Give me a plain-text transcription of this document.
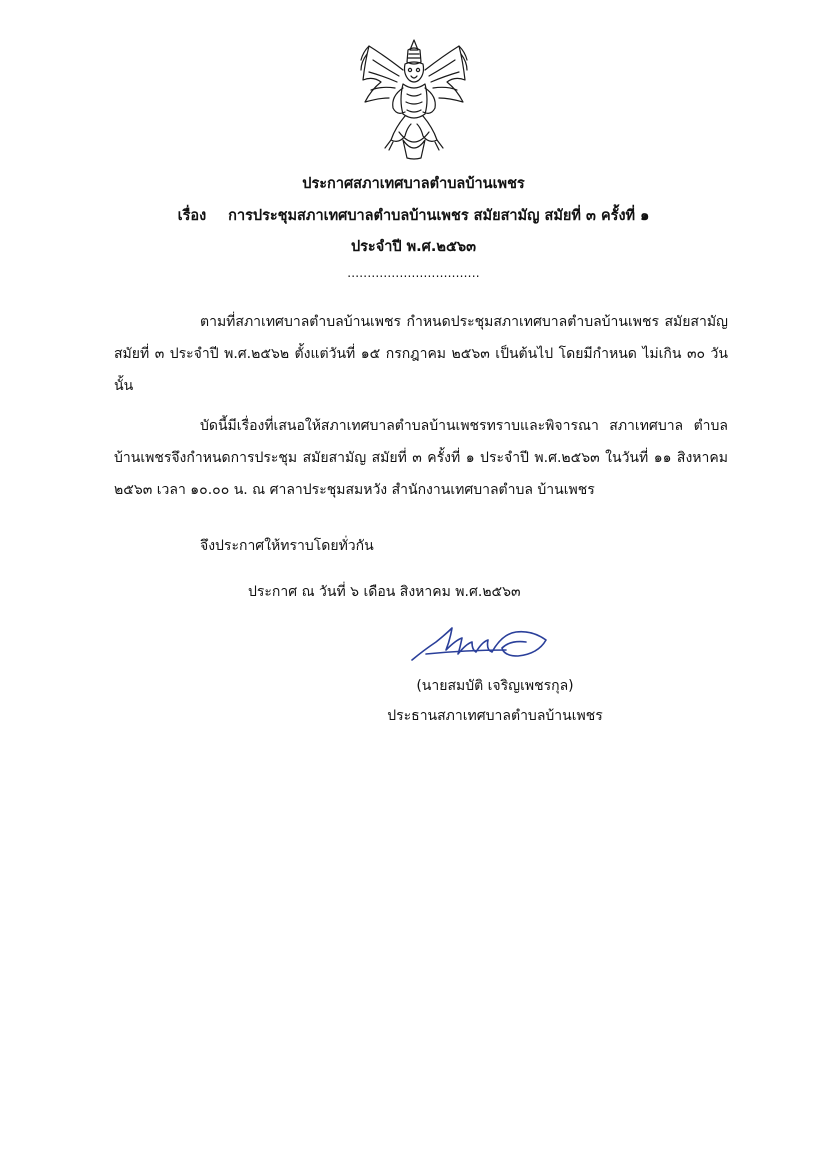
ประกาศสภาเทศบาลตำบลบ้านเพชร
เรื่อง การประชุมสภาเทศบาลตำบลบ้านเพชร สมัยสามัญ สมัยที่ ๓ ครั้งที่ ๑
ประจำปี พ.ศ.๒๕๖๓
.................................
ตามที่สภาเทศบาลตำบลบ้านเพชร กำหนดประชุมสภาเทศบาลตำบลบ้านเพชร สมัยสามัญ สมัยที่ ๓ ประจำปี พ.ศ.๒๕๖๒ ตั้งแต่วันที่ ๑๕ กรกฎาคม ๒๕๖๓ เป็นต้นไป โดยมีกำหนด ไม่เกิน ๓๐ วัน นั้น
บัดนี้มีเรื่องที่เสนอให้สภาเทศบาลตำบลบ้านเพชรทราบและพิจารณา สภาเทศบาล ตำบลบ้านเพชรจึงกำหนดการประชุม สมัยสามัญ สมัยที่ ๓ ครั้งที่ ๑ ประจำปี พ.ศ.๒๕๖๓ ในวันที่ ๑๑ สิงหาคม ๒๕๖๓ เวลา ๑๐.๐๐ น. ณ ศาลาประชุมสมหวัง สำนักงานเทศบาลตำบล บ้านเพชร
จึงประกาศให้ทราบโดยทั่วกัน
ประกาศ ณ วันที่ ๖ เดือน สิงหาคม พ.ศ.๒๕๖๓
(นายสมบัติ เจริญเพชรกุล)
ประธานสภาเทศบาลตำบลบ้านเพชร
